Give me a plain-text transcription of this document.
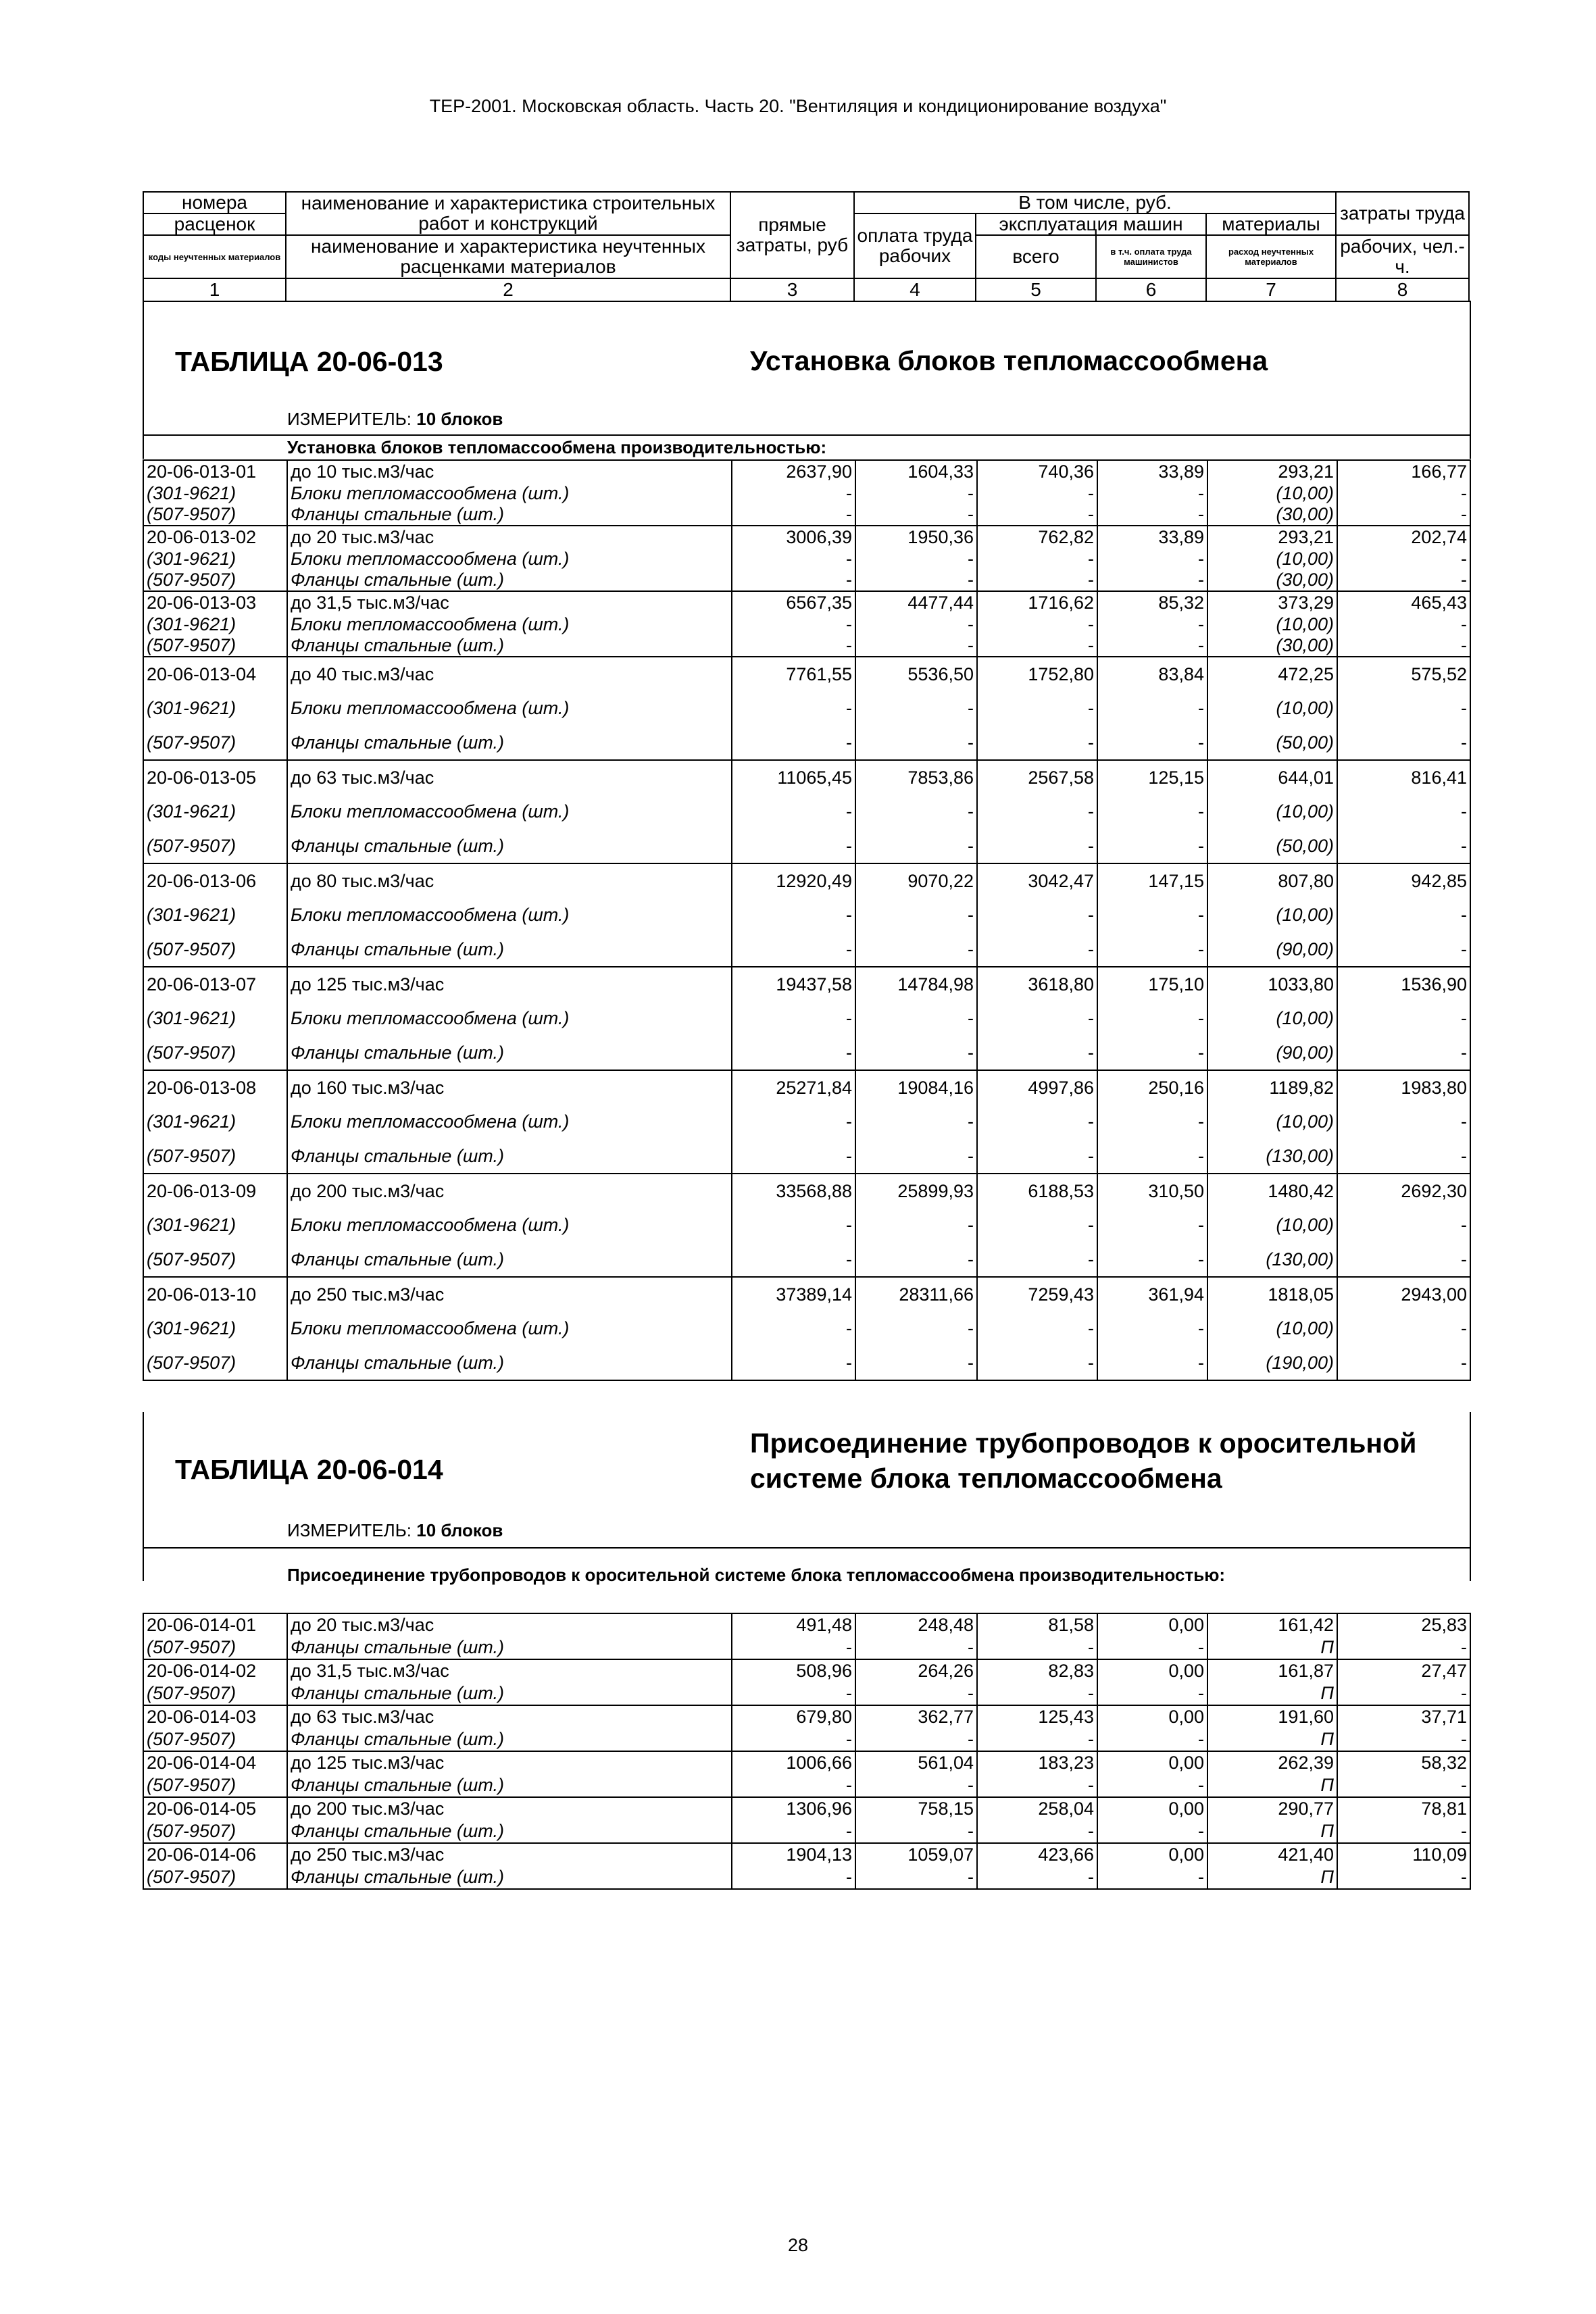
ТЕР-2001. Московская область. Часть 20. "Вентиляция и кондиционирование воздуха"
номера	наименование и характеристика строительных работ и конструкций	прямые затраты, руб	В том числе, руб.				затраты труда
расценок			оплата труда рабочих	эксплуатация машин		материалы	
коды неучтенных материалов	наименование и характеристика неучтенных расценками материалов			всего	в т.ч. оплата труда машинистов	расход неучтенных материалов	рабочих, чел.-ч.

1	2	3	4	5	6	7	8
ТАБЛИЦА 20-06-013	Установка блоков тепломассообмена
ИЗМЕРИТЕЛЬ: 10 блоков
Установка блоков тепломассообмена производительностью:
20-06-013-01	до 10 тыс.м3/час	2637,90	1604,33	740,36	33,89	293,21	166,77
(301-9621)	Блоки тепломассообмена (шт.)	-	-	-	-	(10,00)	-
(507-9507)	Фланцы стальные (шт.)	-	-	-	-	(30,00)	-
20-06-013-02	до 20 тыс.м3/час	3006,39	1950,36	762,82	33,89	293,21	202,74
(301-9621)	Блоки тепломассообмена (шт.)	-	-	-	-	(10,00)	-
(507-9507)	Фланцы стальные (шт.)	-	-	-	-	(30,00)	-
20-06-013-03	до 31,5 тыс.м3/час	6567,35	4477,44	1716,62	85,32	373,29	465,43
(301-9621)	Блоки тепломассообмена (шт.)	-	-	-	-	(10,00)	-
(507-9507)	Фланцы стальные (шт.)	-	-	-	-	(30,00)	-
20-06-013-04	до 40 тыс.м3/час	7761,55	5536,50	1752,80	83,84	472,25	575,52
(301-9621)	Блоки тепломассообмена (шт.)	-	-	-	-	(10,00)	-
(507-9507)	Фланцы стальные (шт.)	-	-	-	-	(50,00)	-
20-06-013-05	до 63 тыс.м3/час	11065,45	7853,86	2567,58	125,15	644,01	816,41
(301-9621)	Блоки тепломассообмена (шт.)	-	-	-	-	(10,00)	-
(507-9507)	Фланцы стальные (шт.)	-	-	-	-	(50,00)	-
20-06-013-06	до 80 тыс.м3/час	12920,49	9070,22	3042,47	147,15	807,80	942,85
(301-9621)	Блоки тепломассообмена (шт.)	-	-	-	-	(10,00)	-
(507-9507)	Фланцы стальные (шт.)	-	-	-	-	(90,00)	-
20-06-013-07	до 125 тыс.м3/час	19437,58	14784,98	3618,80	175,10	1033,80	1536,90
(301-9621)	Блоки тепломассообмена (шт.)	-	-	-	-	(10,00)	-
(507-9507)	Фланцы стальные (шт.)	-	-	-	-	(90,00)	-
20-06-013-08	до 160 тыс.м3/час	25271,84	19084,16	4997,86	250,16	1189,82	1983,80
(301-9621)	Блоки тепломассообмена (шт.)	-	-	-	-	(10,00)	-
(507-9507)	Фланцы стальные (шт.)	-	-	-	-	(130,00)	-
20-06-013-09	до 200 тыс.м3/час	33568,88	25899,93	6188,53	310,50	1480,42	2692,30
(301-9621)	Блоки тепломассообмена (шт.)	-	-	-	-	(10,00)	-
(507-9507)	Фланцы стальные (шт.)	-	-	-	-	(130,00)	-
20-06-013-10	до 250 тыс.м3/час	37389,14	28311,66	7259,43	361,94	1818,05	2943,00
(301-9621)	Блоки тепломассообмена (шт.)	-	-	-	-	(10,00)	-
(507-9507)	Фланцы стальные (шт.)	-	-	-	-	(190,00)	-
ТАБЛИЦА 20-06-014
Присоединение трубопроводов к оросительной
системе блока тепломассообмена
ИЗМЕРИТЕЛЬ: 10 блоков
Присоединение трубопроводов к оросительной системе блока тепломассообмена производительностью:
20-06-014-01	до 20 тыс.м3/час	491,48	248,48	81,58	0,00	161,42	25,83
(507-9507)	Фланцы стальные (шт.)	-	-	-	-	П	-
20-06-014-02	до 31,5 тыс.м3/час	508,96	264,26	82,83	0,00	161,87	27,47
(507-9507)	Фланцы стальные (шт.)	-	-	-	-	П	-
20-06-014-03	до 63 тыс.м3/час	679,80	362,77	125,43	0,00	191,60	37,71
(507-9507)	Фланцы стальные (шт.)	-	-	-	-	П	-
20-06-014-04	до 125 тыс.м3/час	1006,66	561,04	183,23	0,00	262,39	58,32
(507-9507)	Фланцы стальные (шт.)	-	-	-	-	П	-
20-06-014-05	до 200 тыс.м3/час	1306,96	758,15	258,04	0,00	290,77	78,81
(507-9507)	Фланцы стальные (шт.)	-	-	-	-	П	-
20-06-014-06	до 250 тыс.м3/час	1904,13	1059,07	423,66	0,00	421,40	110,09
(507-9507)	Фланцы стальные (шт.)	-	-	-	-	П	-
28
